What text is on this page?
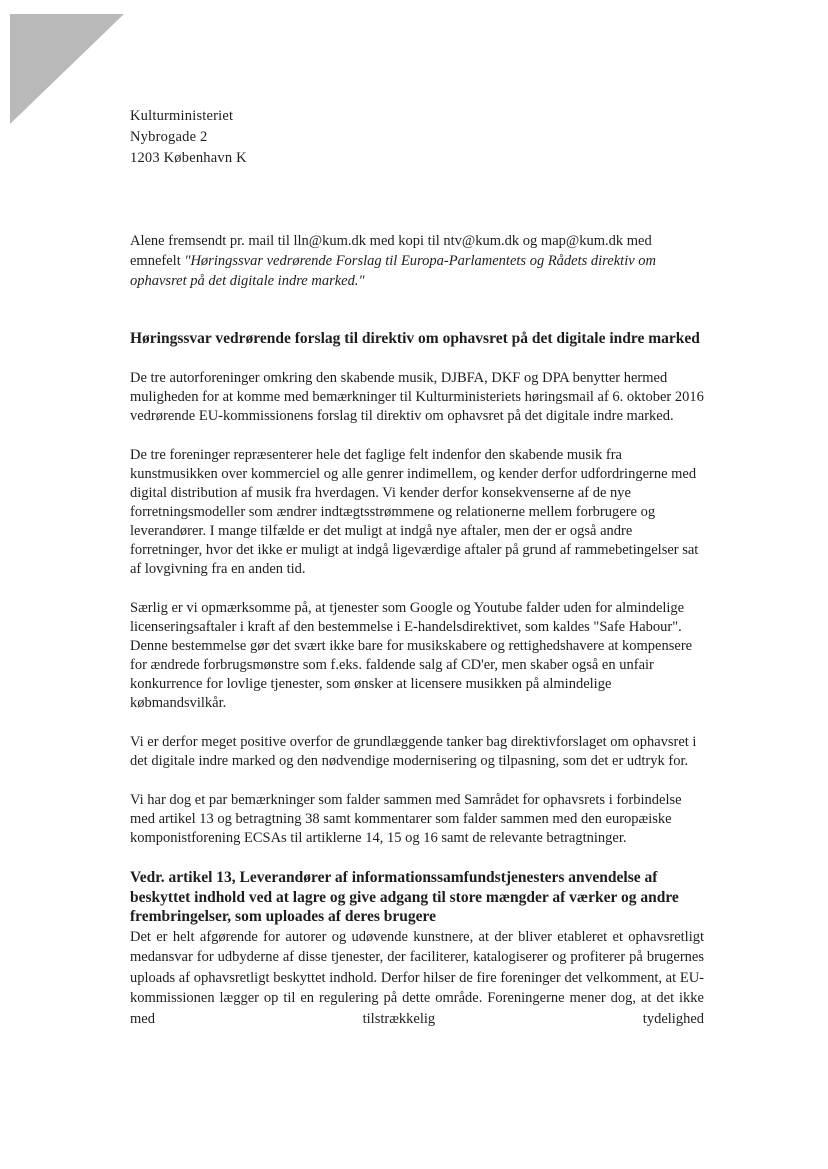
Kulturministeriet
Nybrogade 2
1203 København K
Alene fremsendt pr. mail til lln@kum.dk med kopi til ntv@kum.dk og map@kum.dk med emnefelt "Høringssvar vedrørende Forslag til Europa-Parlamentets og Rådets direktiv om ophavsret på det digitale indre marked."
Høringssvar vedrørende forslag til direktiv om ophavsret på det digitale indre marked

De tre autorforeninger omkring den skabende musik, DJBFA, DKF og DPA benytter hermed muligheden for at komme med bemærkninger til Kulturministeriets høringsmail af 6. oktober 2016 vedrørende EU-kommissionens forslag til direktiv om ophavsret på det digitale indre marked.

De tre foreninger repræsenterer hele det faglige felt indenfor den skabende musik fra kunstmusikken over kommerciel og alle genrer indimellem, og kender derfor udfordringerne med digital distribution af musik fra hverdagen. Vi kender derfor konsekvenserne af de nye forretningsmodeller som ændrer indtægtsstrømmene og relationerne mellem forbrugere og leverandører. I mange tilfælde er det muligt at indgå nye aftaler, men der er også andre forretninger, hvor det ikke er muligt at indgå ligeværdige aftaler på grund af rammebetingelser sat af lovgivning fra en anden tid.

Særlig er vi opmærksomme på, at tjenester som Google og Youtube falder uden for almindelige licenseringsaftaler i kraft af den bestemmelse i E-handelsdirektivet, som kaldes "Safe Habour". Denne bestemmelse gør det svært ikke bare for musikskabere og rettighedshavere at kompensere for ændrede forbrugsmønstre som f.eks. faldende salg af CD'er, men skaber også en unfair konkurrence for lovlige tjenester, som ønsker at licensere musikken på almindelige købmandsvilkår.

Vi er derfor meget positive overfor de grundlæggende tanker bag direktivforslaget om ophavsret i det digitale indre marked og den nødvendige modernisering og tilpasning, som det er udtryk for.

Vi har dog et par bemærkninger som falder sammen med Samrådet for ophavsrets i forbindelse med artikel 13 og betragtning 38 samt kommentarer som falder sammen med den europæiske komponistforening ECSAs til artiklerne 14, 15 og 16 samt de relevante betragtninger.

Vedr. artikel 13, Leverandører af informationssamfundstjenesters anvendelse af beskyttet indhold ved at lagre og give adgang til store mængder af værker og andre frembringelser, som uploades af deres brugere
Det er helt afgørende for autorer og udøvende kunstnere, at der bliver etableret et ophavsretligt medansvar for udbyderne af disse tjenester, der faciliterer, katalogiserer og profiterer på brugernes uploads af ophavsretligt beskyttet indhold. Derfor hilser de fire foreninger det velkomment, at EU-kommissionen lægger op til en regulering på dette område. Foreningerne mener dog, at det ikke med tilstrækkelig tydelighed
